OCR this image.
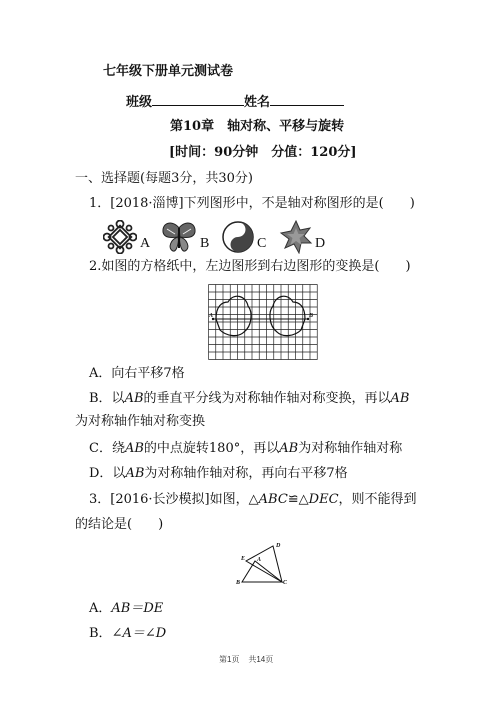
七年级下册单元测试卷
班级	姓名
第10章　轴对称、平移与旋转
[时间：90分钟　分值：120分]
一、选择题(每题3分，共30分)
1．[2018·淄博]下列图形中，不是轴对称图形的是(　　)
A	B	C	D
2.如图的方格纸中，左边图形到右边图形的变换是(　　)
A	B
A．向右平移7格
B．以AB的垂直平分线为对称轴作轴对称变换，再以AB
为对称轴作轴对称变换
C．绕AB的中点旋转180°，再以AB为对称轴作轴对称
D．以AB为对称轴作轴对称，再向右平移7格
3．[2016·长沙模拟]如图，△ABC≌△DEC，则不能得到
的结论是(　　)
D
E A
B	C
A．AB＝DE
B．∠A＝∠D
第1页 共14页
